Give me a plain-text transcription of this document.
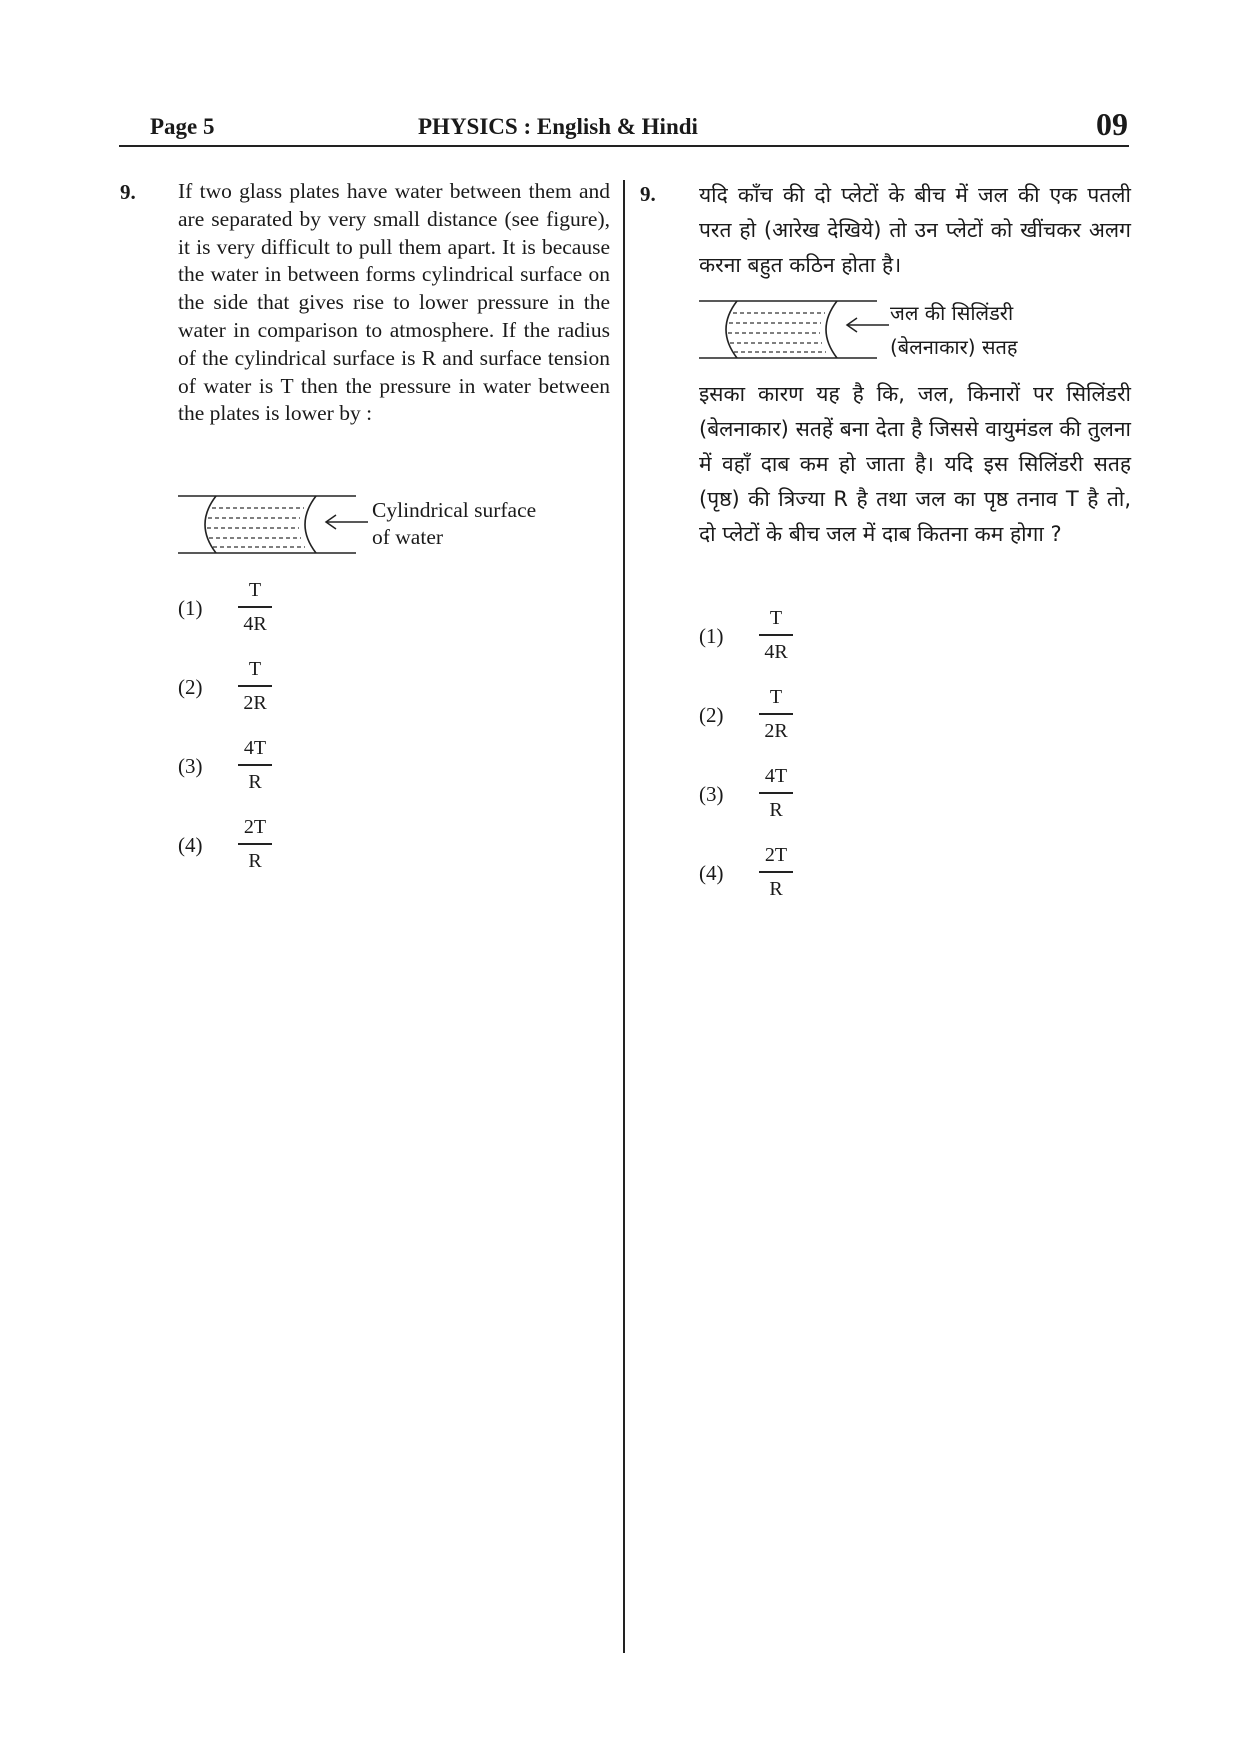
Page 5	PHYSICS : English & Hindi	09
9. If two glass plates have water between them and are separated by very small distance (see figure), it is very difficult to pull them apart. It is because the water in between forms cylindrical surface on the side that gives rise to lower pressure in the water in comparison to atmosphere. If the radius of the cylindrical surface is R and surface tension of water is T then the pressure in water between the plates is lower by :
Cylindrical surface
of water
(1)
T
4R
(2)
T
2R
(3)
4T
R
(4)
2T
R
9. यदि काँच की दो प्लेटों के बीच में जल की एक पतली परत हो (आरेख देखिये) तो उन प्लेटों को खींचकर अलग करना बहुत कठिन होता है।
जल की सिलिंडरी
(बेलनाकार) सतह
इसका कारण यह है कि, जल, किनारों पर सिलिंडरी (बेलनाकार) सतहें बना देता है जिससे वायुमंडल की तुलना में वहाँ दाब कम हो जाता है। यदि इस सिलिंडरी सतह (पृष्ठ) की त्रिज्या R है तथा जल का पृष्ठ तनाव T है तो, दो प्लेटों के बीच जल में दाब कितना कम होगा ?
(1)
T
4R
(2)
T
2R
(3)
4T
R
(4)
2T
R
